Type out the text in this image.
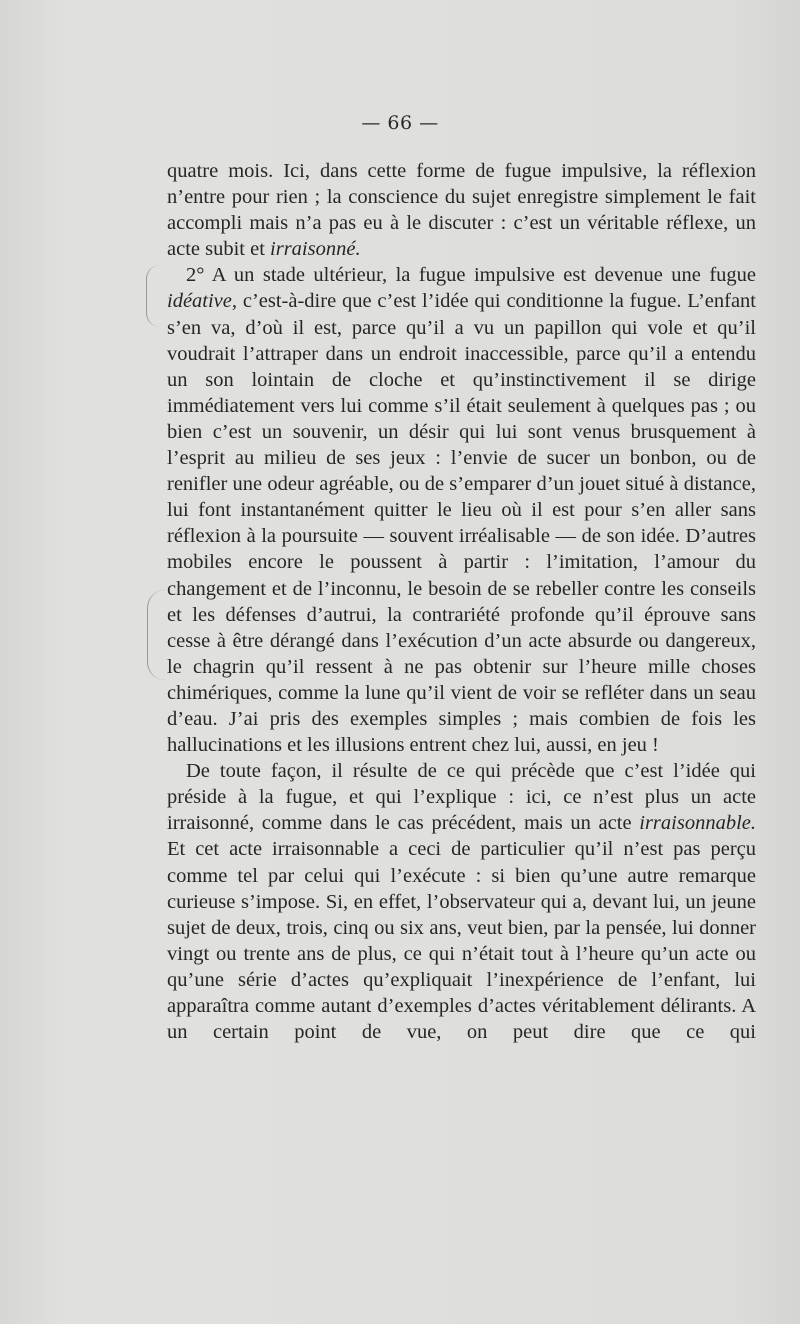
— 66 —

quatre mois. Ici, dans cette forme de fugue impulsive, la réflexion n’entre pour rien ; la conscience du sujet enregistre simplement le fait accompli mais n’a pas eu à le discuter : c’est un véritable réflexe, un acte subit et irraisonné.

2° A un stade ultérieur, la fugue impulsive est devenue une fugue idéative, c’est-à-dire que c’est l’idée qui conditionne la fugue. L’enfant s’en va, d’où il est, parce qu’il a vu un papillon qui vole et qu’il voudrait l’attraper dans un endroit inaccessible, parce qu’il a entendu un son lointain de cloche et qu’instinctivement il se dirige immédiatement vers lui comme s’il était seulement à quelques pas ; ou bien c’est un souvenir, un désir qui lui sont venus brusquement à l’esprit au milieu de ses jeux : l’envie de sucer un bonbon, ou de renifler une odeur agréable, ou de s’emparer d’un jouet situé à distance, lui font instantanément quitter le lieu où il est pour s’en aller sans réflexion à la poursuite — souvent irréalisable — de son idée. D’autres mobiles encore le poussent à partir : l’imitation, l’amour du changement et de l’inconnu, le besoin de se rebeller contre les conseils et les défenses d’autrui, la contrariété profonde qu’il éprouve sans cesse à être dérangé dans l’exécution d’un acte absurde ou dangereux, le chagrin qu’il ressent à ne pas obtenir sur l’heure mille choses chimériques, comme la lune qu’il vient de voir se refléter dans un seau d’eau. J’ai pris des exemples simples ; mais combien de fois les hallucinations et les illusions entrent chez lui, aussi, en jeu !

De toute façon, il résulte de ce qui précède que c’est l’idée qui préside à la fugue, et qui l’explique : ici, ce n’est plus un acte irraisonné, comme dans le cas précédent, mais un acte irraisonnable. Et cet acte irraisonnable a ceci de particulier qu’il n’est pas perçu comme tel par celui qui l’exécute : si bien qu’une autre remarque curieuse s’impose. Si, en effet, l’observateur qui a, devant lui, un jeune sujet de deux, trois, cinq ou six ans, veut bien, par la pensée, lui donner vingt ou trente ans de plus, ce qui n’était tout à l’heure qu’un acte ou qu’une série d’actes qu’expliquait l’inexpérience de l’enfant, lui apparaîtra comme autant d’exemples d’actes véritablement délirants. A un certain point de vue, on peut dire que ce qui
